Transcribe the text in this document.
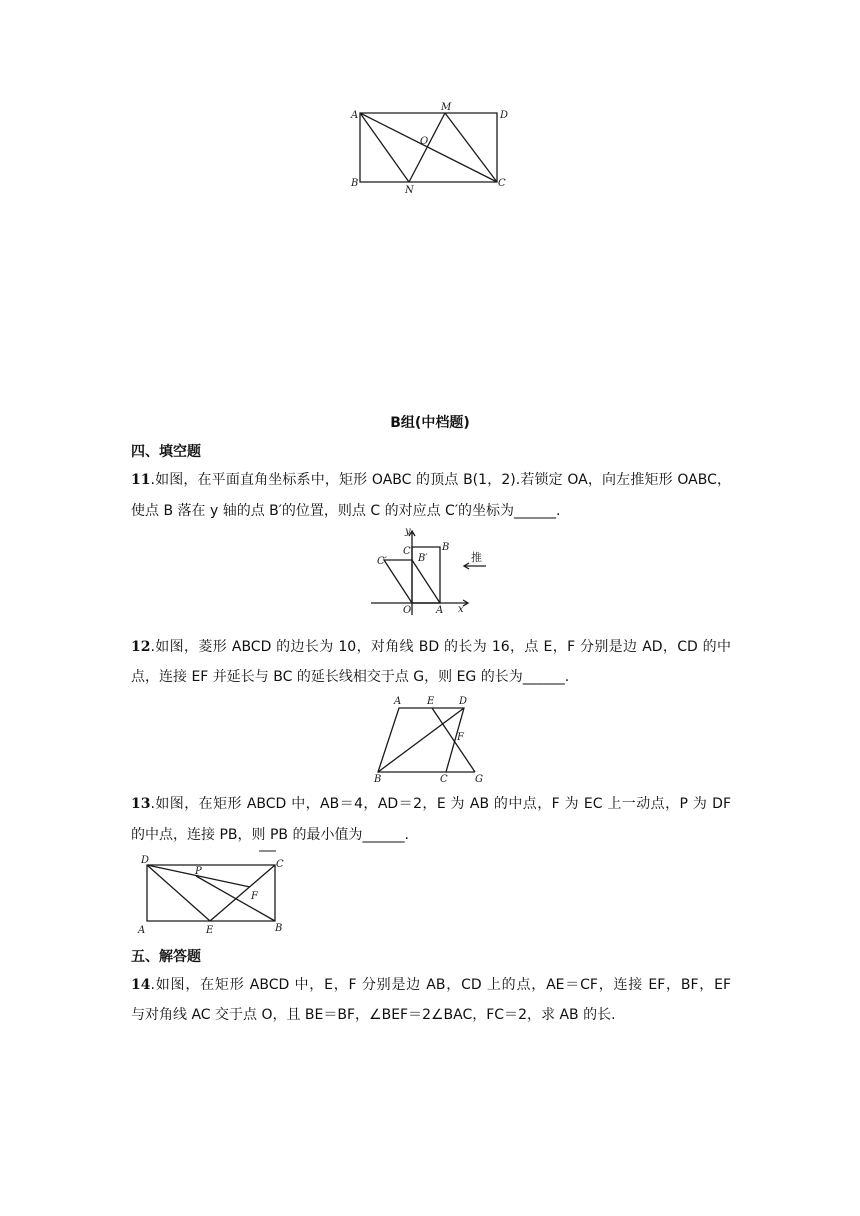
A
M
D
O
B
N
C
B组(中档题)
四、填空题
11.如图，在平面直角坐标系中，矩形 OABC 的顶点 B(1，2).若锁定 OA，向左推矩形 OABC，
使点 B 落在 y 轴的点 B′的位置，则点 C 的对应点 C′的坐标为______.
y
C
B′
B
C′
O A x
推
12.如图，菱形 ABCD 的边长为 10，对角线 BD 的长为 16，点 E，F 分别是边 AD，CD 的中
点，连接 EF 并延长与 BC 的延长线相交于点 G，则 EG 的长为______.
A	E D
F
B	C	G
13.如图，在矩形 ABCD 中，AB＝4，AD＝2，E 为 AB 的中点，F 为 EC 上一动点，P 为 DF
的中点，连接 PB，则 PB 的最小值为______.
D	C
P
F
A	E	B
五、解答题
14.如图，在矩形 ABCD 中，E，F 分别是边 AB，CD 上的点，AE＝CF，连接 EF，BF，EF
与对角线 AC 交于点 O，且 BE＝BF，∠BEF＝2∠BAC，FC＝2，求 AB 的长.
